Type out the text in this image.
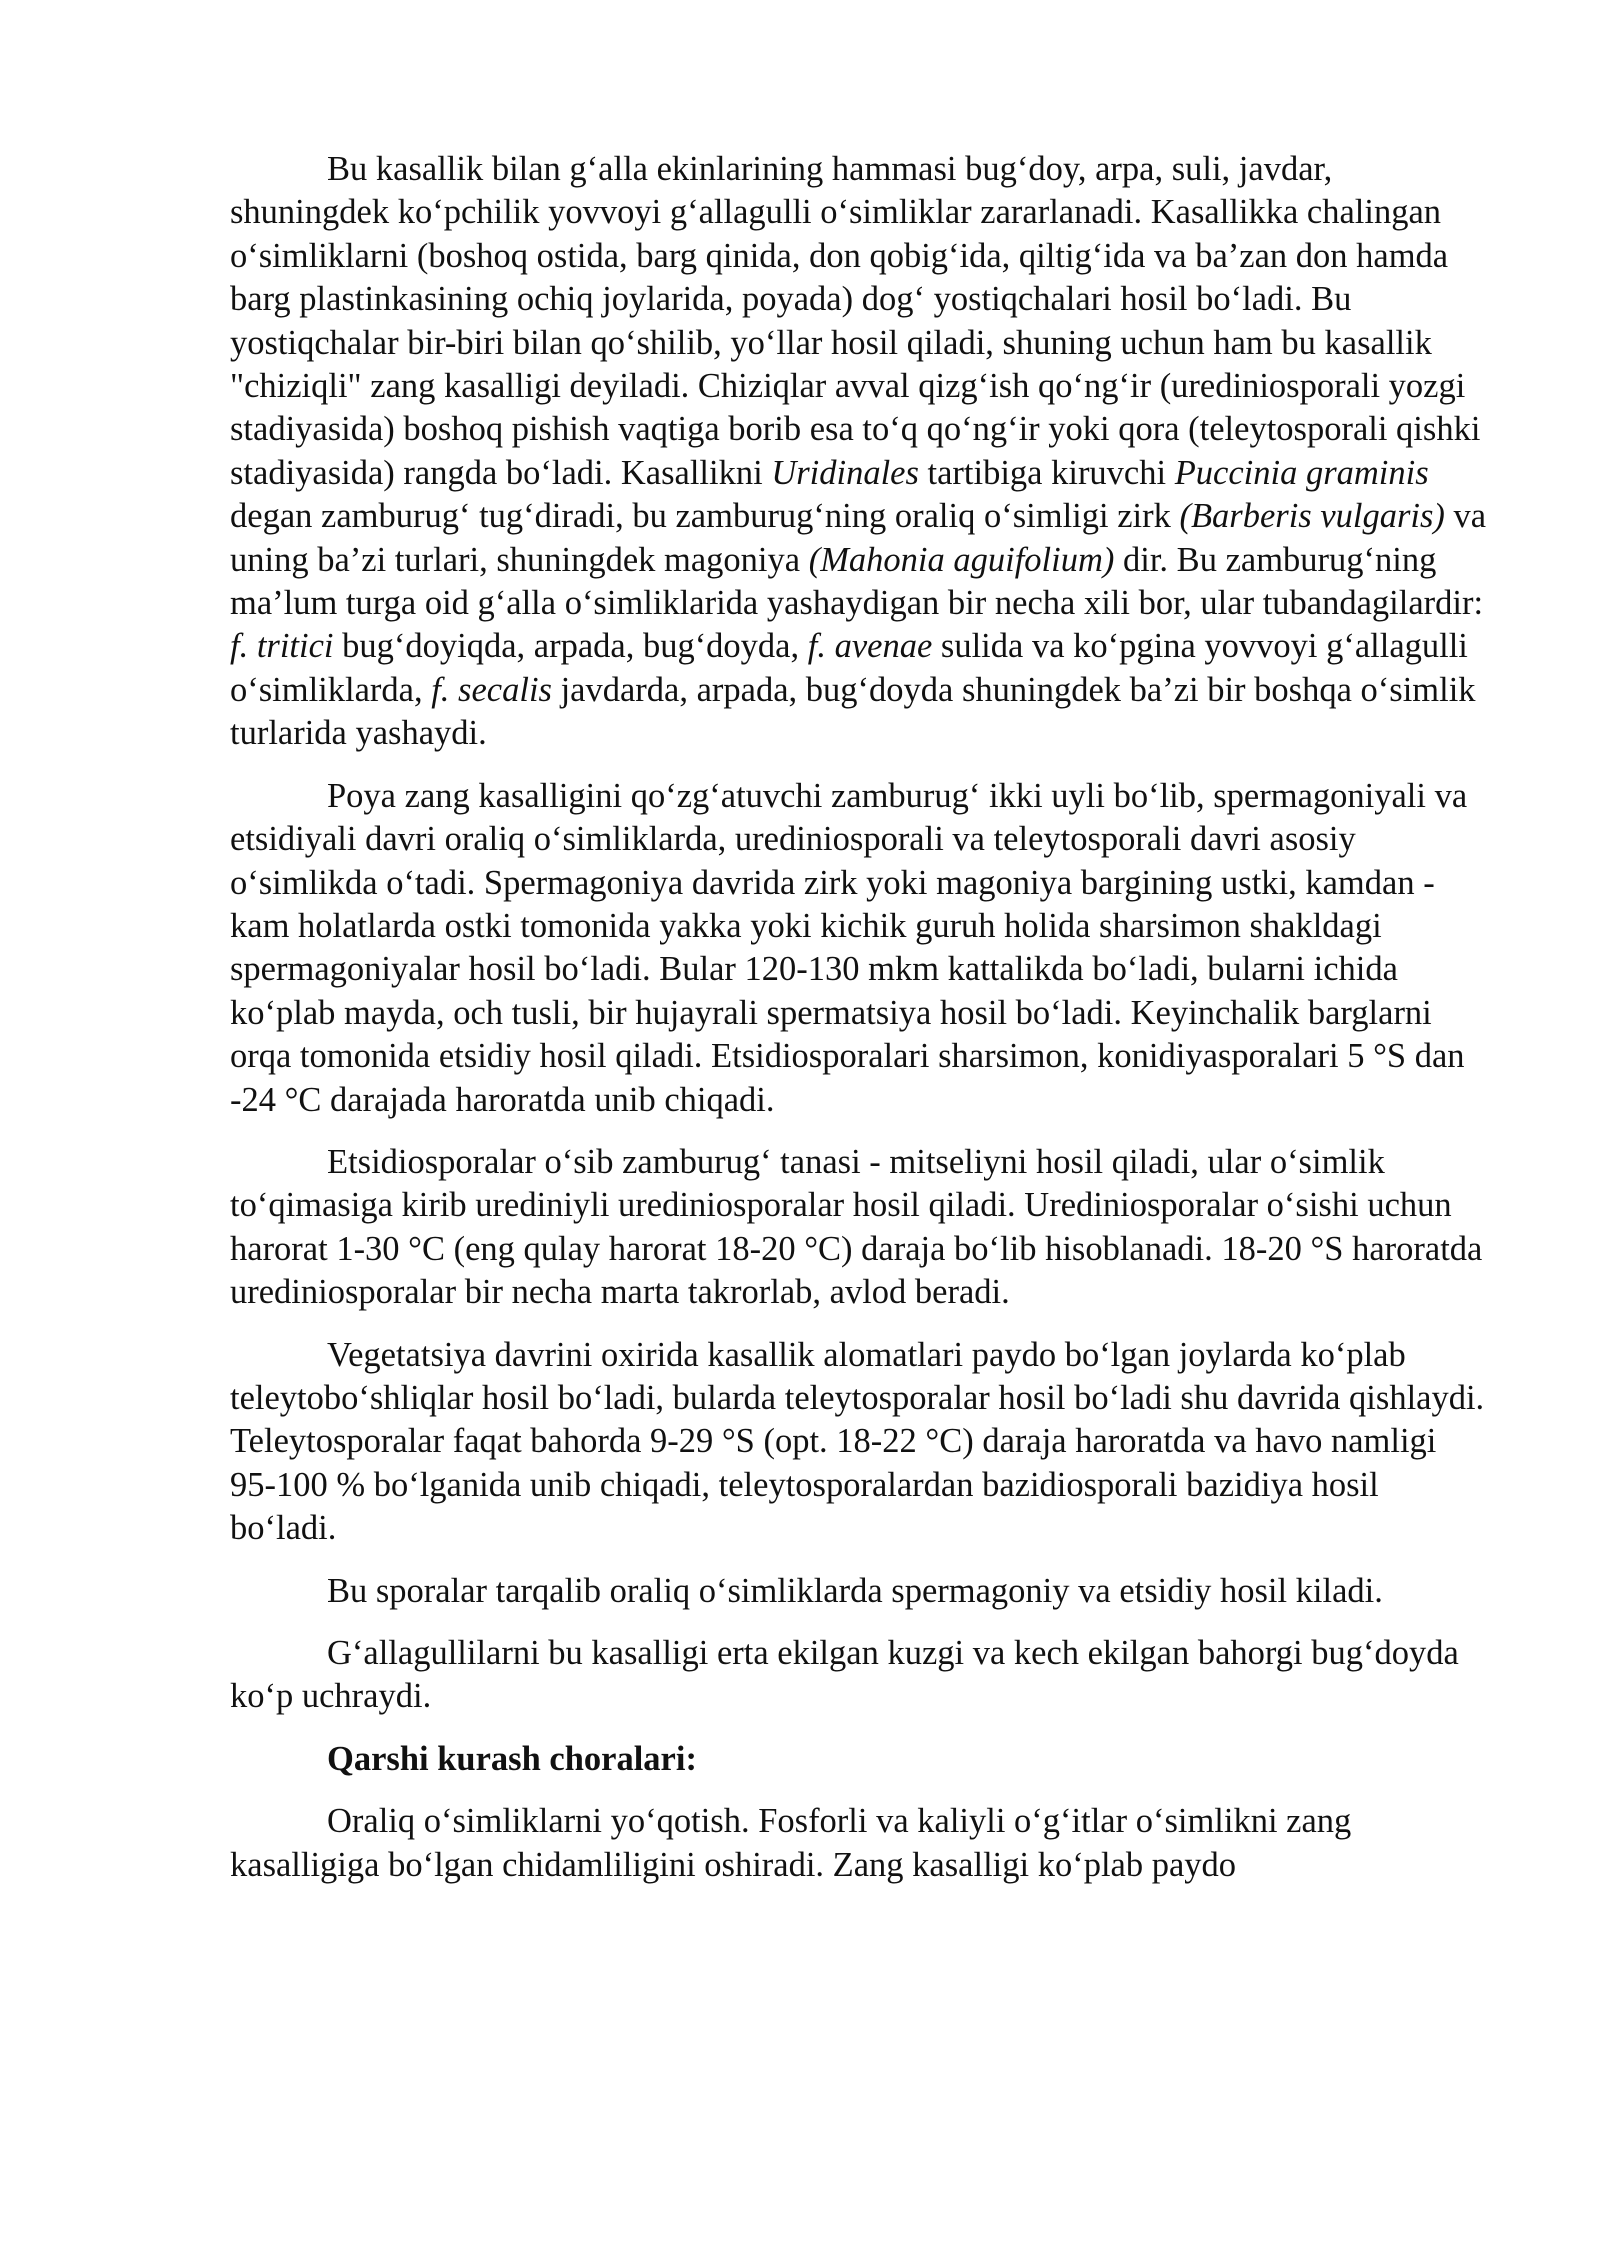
Bu kasallik bilan g‘alla ekinlarining hammasi bug‘doy, arpa, suli, javdar, shuningdek ko‘pchilik yovvoyi g‘allagulli o‘simliklar zararlanadi. Kasallikka chalingan o‘simliklarni (boshoq ostida, barg qinida, don qobig‘ida, qiltig‘ida va ba’zan don hamda barg plastinkasining ochiq joylarida, poyada) dog‘ yostiqchalari hosil bo‘ladi. Bu yostiqchalar bir-biri bilan qo‘shilib, yo‘llar hosil qiladi, shuning uchun ham bu kasallik "chiziqli" zang kasalligi deyiladi. Chiziqlar avval qizg‘ish qo‘ng‘ir (urediniosporali yozgi stadiyasida) boshoq pishish vaqtiga borib esa to‘q qo‘ng‘ir yoki qora (teleytosporali qishki stadiyasida) rangda bo‘ladi. Kasallikni Uridinales tartibiga kiruvchi Puccinia graminis degan zamburug‘ tug‘diradi, bu zamburug‘ning oraliq o‘simligi zirk (Barberis vulgaris) va uning ba’zi turlari, shuningdek magoniya (Mahonia aguifolium) dir. Bu zamburug‘ning ma’lum turga oid g‘alla o‘simliklarida yashaydigan bir necha xili bor, ular tubandagilardir: f. tritici bug‘doyiqda, arpada, bug‘doyda, f. avenae sulida va ko‘pgina yovvoyi g‘allagulli o‘simliklarda, f. secalis javdarda, arpada, bug‘doyda shuningdek ba’zi bir boshqa o‘simlik
turlarida yashaydi.

Poya zang kasalligini qo‘zg‘atuvchi zamburug‘ ikki uyli bo‘lib, spermagoniyali va etsidiyali davri oraliq o‘simliklarda, urediniosporali va teleytosporali davri asosiy o‘simlikda o‘tadi. Spermagoniya davrida zirk yoki magoniya bargining ustki, kamdan -kam holatlarda ostki tomonida yakka yoki kichik guruh holida sharsimon shakldagi spermagoniyalar hosil bo‘ladi. Bular 120-130 mkm kattalikda bo‘ladi, bularni ichida ko‘plab mayda, och tusli, bir hujayrali spermatsiya hosil bo‘ladi. Keyinchalik barglarni orqa tomonida etsidiy hosil qiladi. Etsidiosporalari sharsimon, konidiyasporalari 5 °S dan -24 °C darajada haroratda unib chiqadi.

Etsidiosporalar o‘sib zamburug‘ tanasi - mitseliyni hosil qiladi, ular o‘simlik to‘qimasiga kirib urediniyli urediniosporalar hosil qiladi. Urediniosporalar o‘sishi uchun harorat 1-30 °C (eng qulay harorat 18-20 °C) daraja bo‘lib hisoblanadi. 18-20 °S haroratda urediniosporalar bir necha marta takrorlab, avlod beradi.

Vegetatsiya davrini oxirida kasallik alomatlari paydo bo‘lgan joylarda ko‘plab teleytobo‘shliqlar hosil bo‘ladi, bularda teleytosporalar hosil bo‘ladi shu davrida qishlaydi. Teleytosporalar faqat bahorda 9-29 °S (opt. 18-22 °C) daraja haroratda va havo namligi 95-100 % bo‘lganida unib chiqadi, teleytosporalardan bazidiosporali bazidiya hosil bo‘ladi.

Bu sporalar tarqalib oraliq o‘simliklarda spermagoniy va etsidiy hosil kiladi.

G‘allagullilarni bu kasalligi erta ekilgan kuzgi va kech ekilgan bahorgi bug‘doyda ko‘p uchraydi.

Qarshi kurash choralari:

Oraliq o‘simliklarni yo‘qotish. Fosforli va kaliyli o‘g‘itlar o‘simlikni zang kasalligiga bo‘lgan chidamliligini oshiradi. Zang kasalligi ko‘plab paydo
